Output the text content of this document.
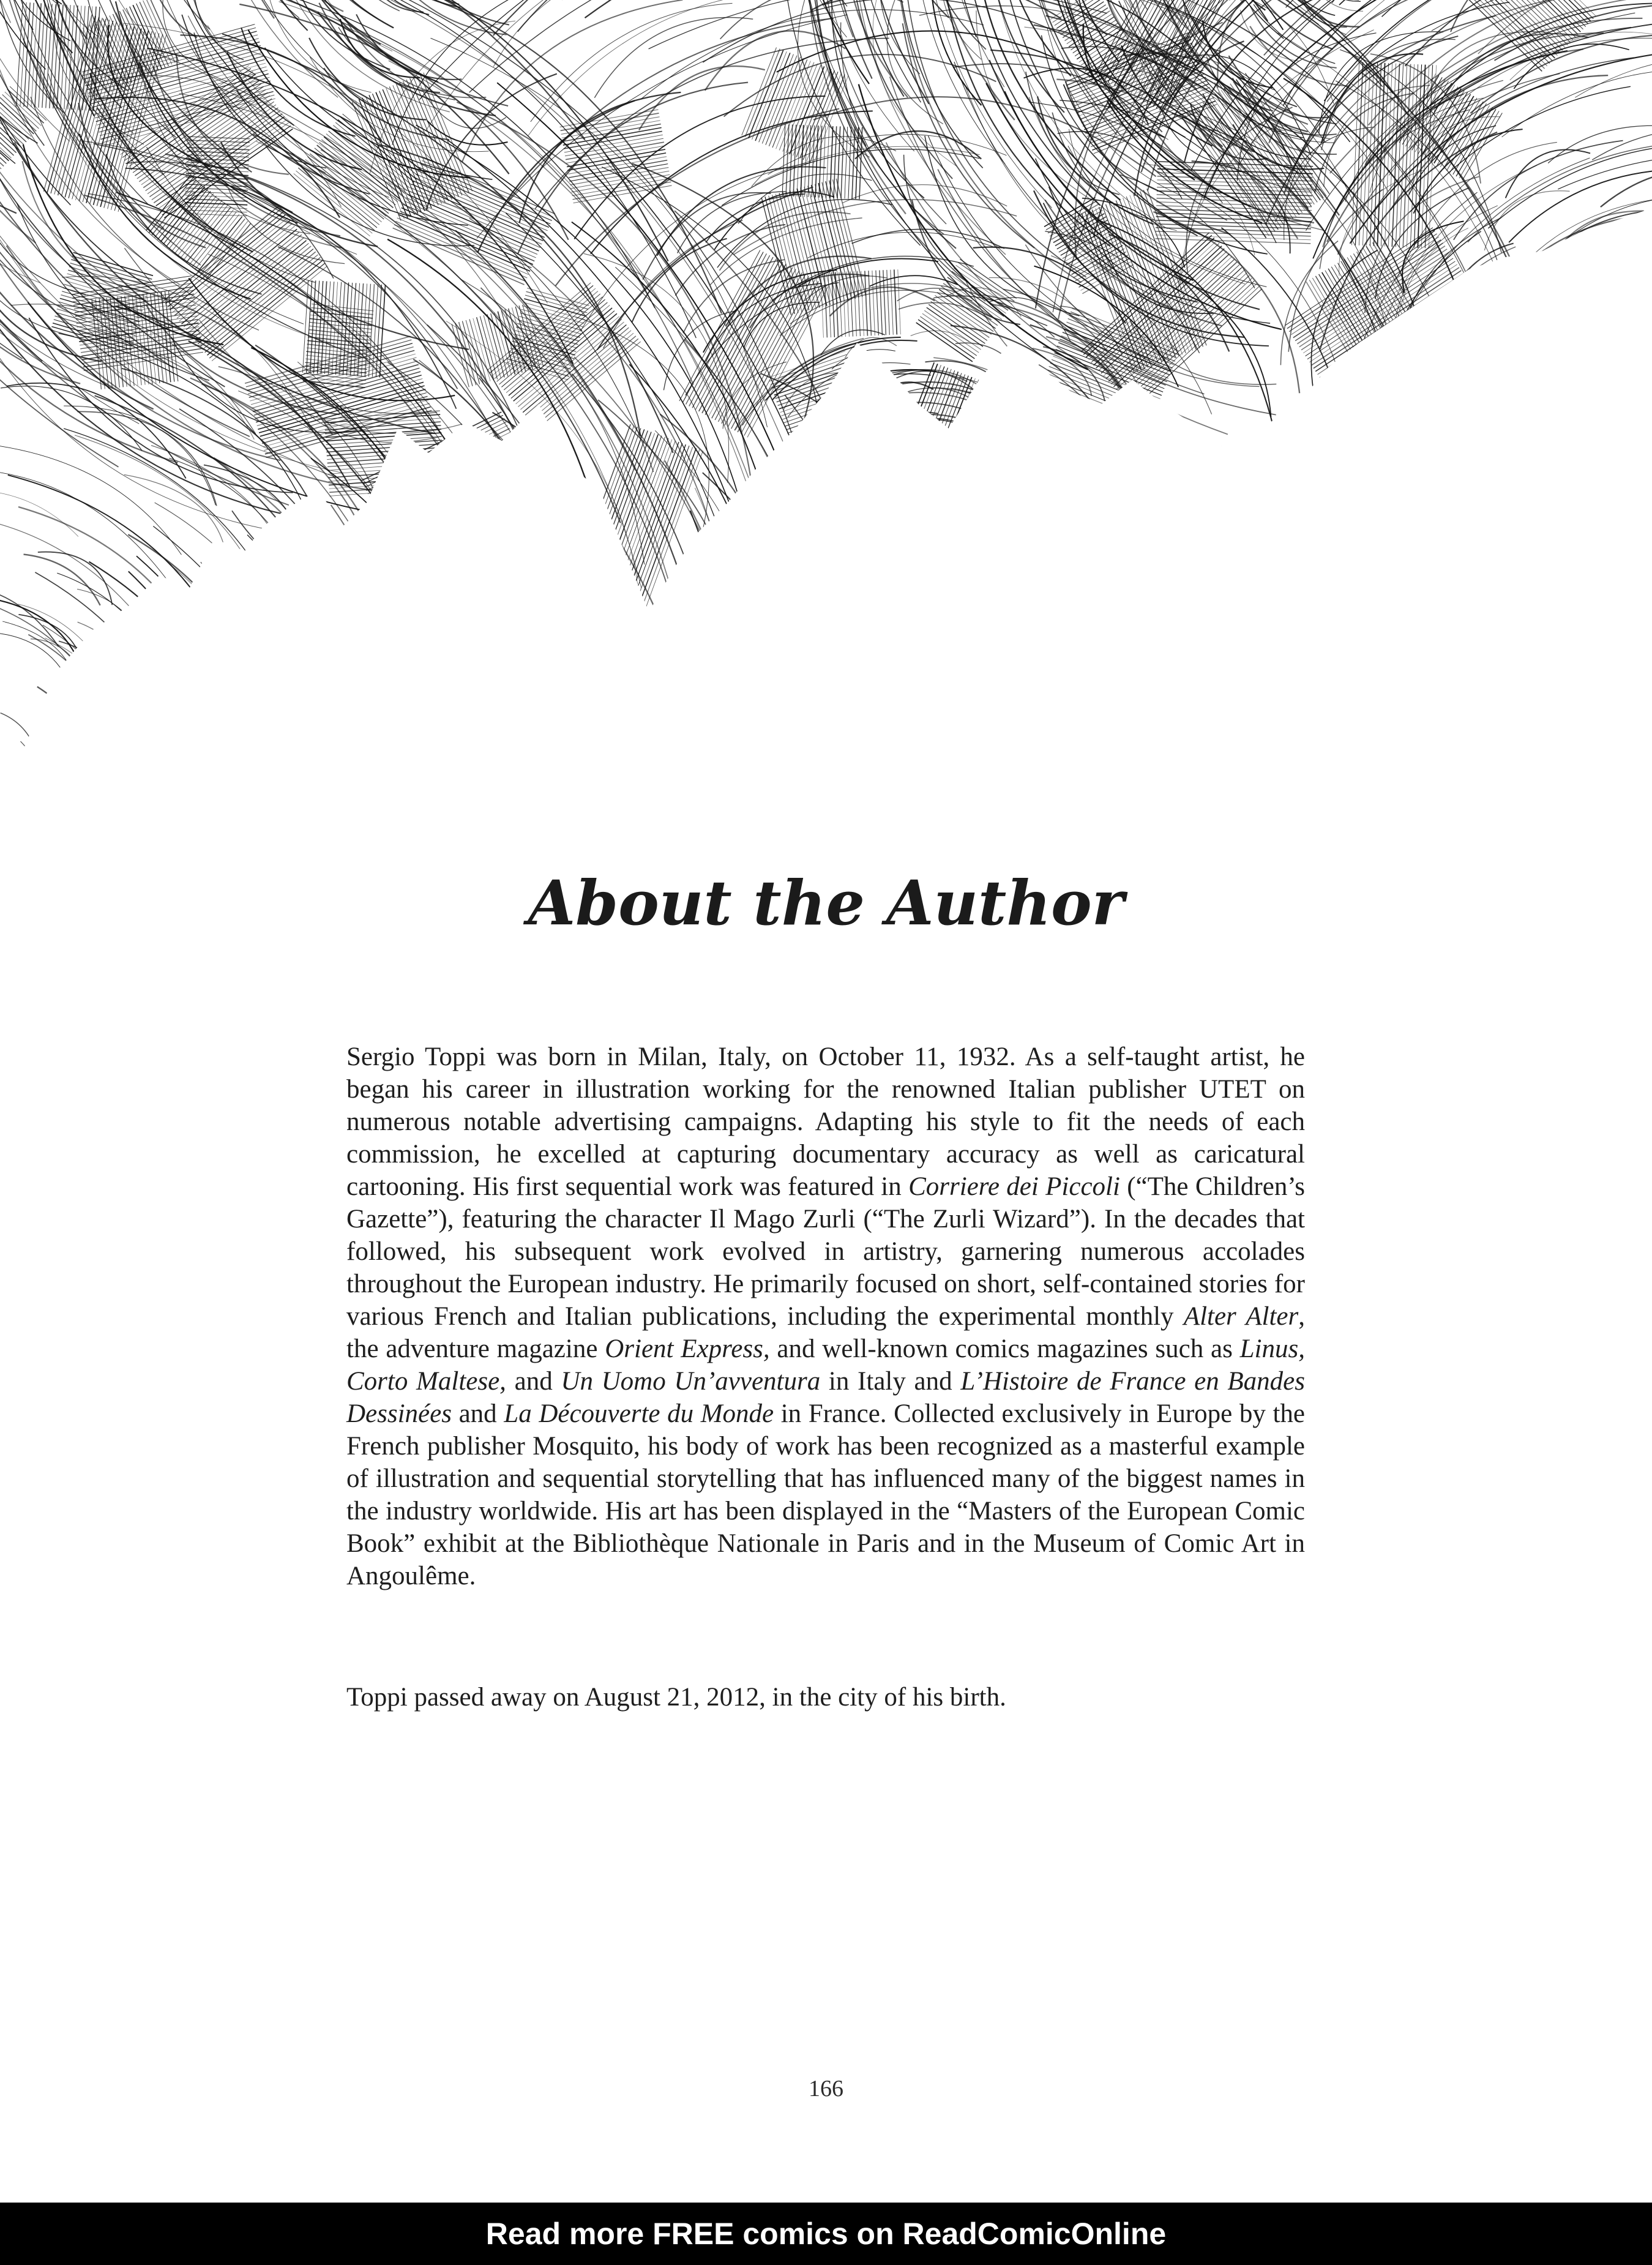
About the Author

Sergio Toppi was born in Milan, Italy, on October 11, 1932. As a self-taught artist, he began his career in illustration working for the renowned Italian publisher UTET on numerous notable advertising campaigns. Adapting his style to fit the needs of each commission, he excelled at capturing documentary accuracy as well as caricatural cartooning. His first sequential work was featured in Corriere dei Piccoli (“The Children’s Gazette”), featuring the character Il Mago Zurli (“The Zurli Wizard”). In the decades that followed, his subsequent work evolved in artistry, garnering numerous accolades throughout the European industry. He primarily focused on short, self-contained stories for various French and Italian publications, including the experimental monthly Alter Alter, the adventure magazine Orient Express, and well-known comics magazines such as Linus, Corto Maltese, and Un Uomo Un’avventura in Italy and L’Histoire de France en Bandes Dessinées and La Découverte du Monde in France. Collected exclusively in Europe by the French publisher Mosquito, his body of work has been recognized as a masterful example of illustration and sequential storytelling that has influenced many of the biggest names in the industry worldwide. His art has been displayed in the “Masters of the European Comic Book” exhibit at the Bibliothèque Nationale in Paris and in the Museum of Comic Art in Angoulême.

Toppi passed away on August 21, 2012, in the city of his birth.

166
Read more FREE comics on ReadComicOnline
